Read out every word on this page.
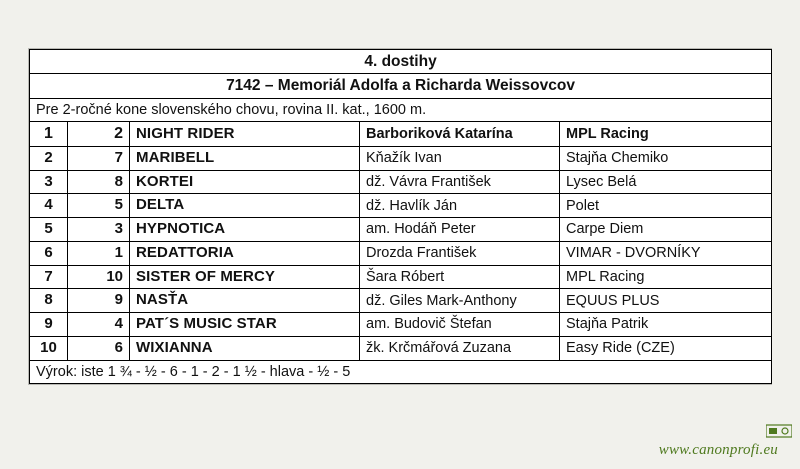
4. dostihy				
7142 – Memoriál Adolfa a Richarda Weissovcov				
Pre 2-ročné kone slovenského chovu, rovina II. kat., 1600 m.				
1	2	NIGHT RIDER	Barboriková Katarína	MPL Racing
2	7	MARIBELL	Kňažík Ivan	Stajňa Chemiko
3	8	KORTEI	dž. Vávra František	Lysec Belá
4	5	DELTA	dž. Havlík Ján	Polet
5	3	HYPNOTICA	am. Hodáň Peter	Carpe Diem
6	1	REDATTORIA	Drozda František	VIMAR - DVORNÍKY
7	10	SISTER OF MERCY	Šara Róbert	MPL Racing
8	9	NASŤA	dž. Giles Mark-Anthony	EQUUS PLUS
9	4	PAT´S MUSIC STAR	am. Budovič Štefan	Stajňa Patrik
10	6	WIXIANNA	žk. Krčmářová Zuzana	Easy Ride (CZE)
Výrok: iste 1 ¾ - ½ - 6 - 1 - 2 - 1 ½ - hlava - ½ - 5				
www.canonprofi.eu
